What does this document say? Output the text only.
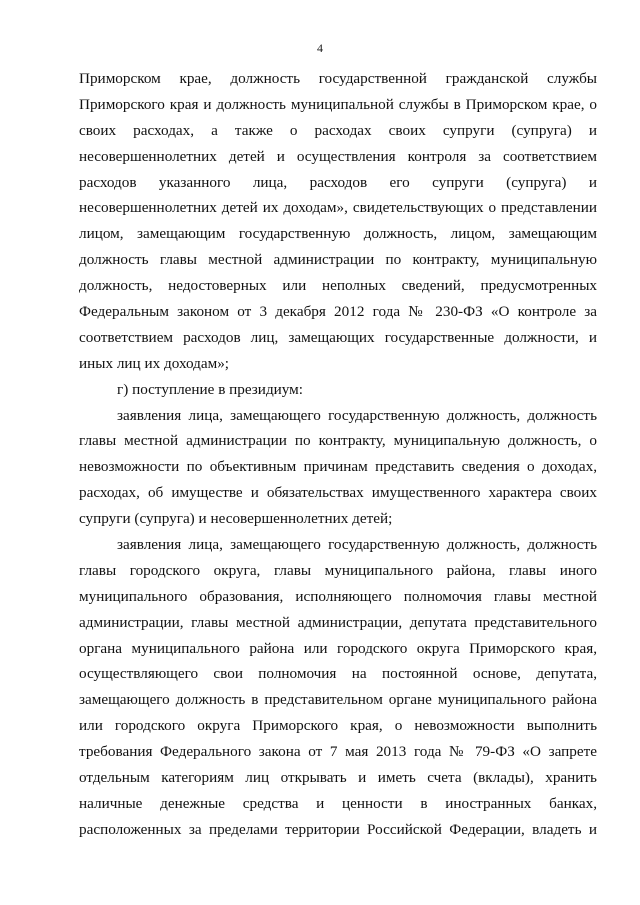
4
Приморском крае, должность государственной гражданской службы
Приморского края и должность муниципальной службы в Приморском крае, о
своих расходах, а также о расходах своих супруги (супруга) и
несовершеннолетних детей и осуществления контроля за соответствием
расходов указанного лица, расходов его супруги (супруга) и
несовершеннолетних детей их доходам», свидетельствующих о представлении
лицом, замещающим государственную должность, лицом, замещающим
должность главы местной администрации по контракту, муниципальную
должность, недостоверных или неполных сведений, предусмотренных
Федеральным законом от 3 декабря 2012 года № 230-ФЗ «О контроле за
соответствием расходов лиц, замещающих государственные должности, и
иных лиц их доходам»;
г) поступление в президиум:
заявления лица, замещающего государственную должность, должность
главы местной администрации по контракту, муниципальную должность, о
невозможности по объективным причинам представить сведения о доходах,
расходах, об имуществе и обязательствах имущественного характера своих
супруги (супруга) и несовершеннолетних детей;
заявления лица, замещающего государственную должность, должность
главы городского округа, главы муниципального района, главы иного
муниципального образования, исполняющего полномочия главы местной
администрации, главы местной администрации, депутата представительного
органа муниципального района или городского округа Приморского края,
осуществляющего свои полномочия на постоянной основе, депутата,
замещающего должность в представительном органе муниципального района
или городского округа Приморского края, о невозможности выполнить
требования Федерального закона от 7 мая 2013 года № 79-ФЗ «О запрете
отдельным категориям лиц открывать и иметь счета (вклады), хранить
наличные денежные средства и ценности в иностранных банках,
расположенных за пределами территории Российской Федерации, владеть и
